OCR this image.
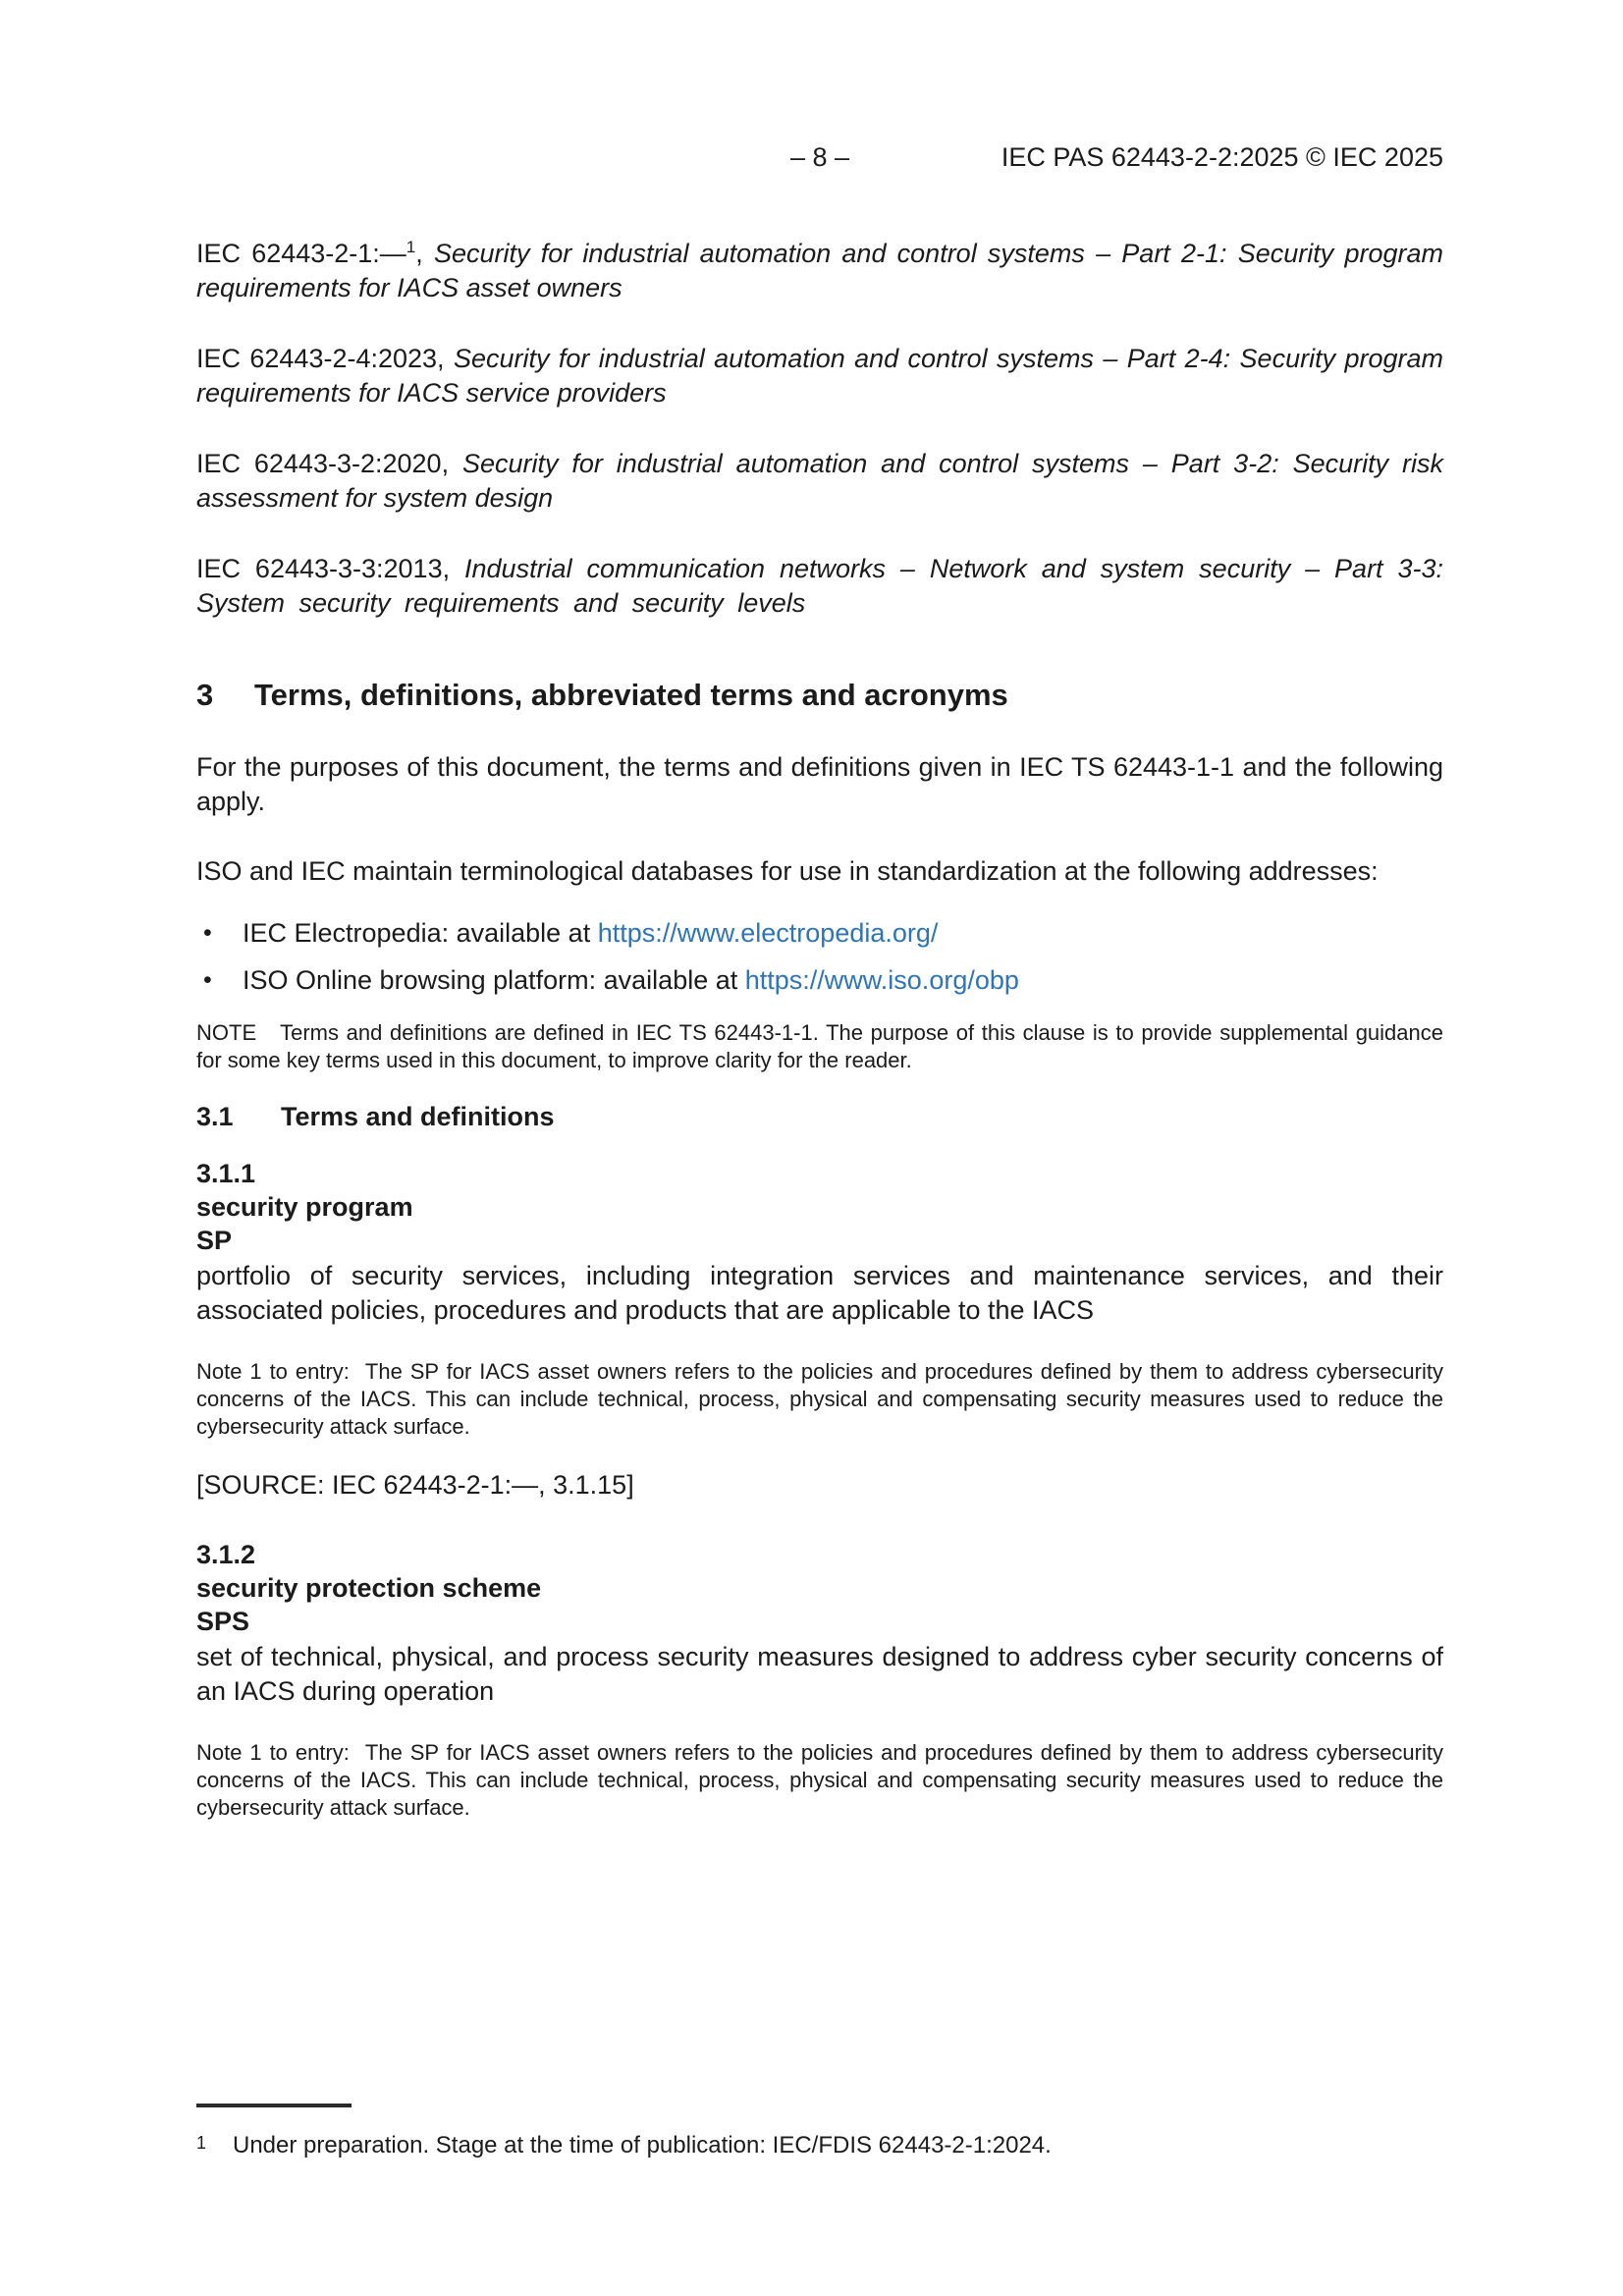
– 8 –	IEC PAS 62443-2-2:2025 © IEC 2025

IEC 62443-2-1:—$^1$, Security for industrial automation and control systems – Part 2-1: Security program requirements for IACS asset owners

IEC 62443-2-4:2023, Security for industrial automation and control systems – Part 2-4: Security program requirements for IACS service providers

IEC 62443-3-2:2020, Security for industrial automation and control systems – Part 3-2: Security risk assessment for system design

IEC 62443-3-3:2013, Industrial communication networks – Network and system security – Part 3-3: System security requirements and security levels

3 Terms, definitions, abbreviated terms and acronyms

For the purposes of this document, the terms and definitions given in IEC TS 62443-1-1 and the following apply.

ISO and IEC maintain terminological databases for use in standardization at the following addresses:

•	IEC Electropedia: available at https://www.electropedia.org/
•	ISO Online browsing platform: available at https://www.iso.org/obp

NOTE Terms and definitions are defined in IEC TS 62443-1-1. The purpose of this clause is to provide supplemental guidance for some key terms used in this document, to improve clarity for the reader.

3.1 Terms and definitions

3.1.1

security program

SP

portfolio of security services, including integration services and maintenance services, and their associated policies, procedures and products that are applicable to the IACS

Note 1 to entry: The SP for IACS asset owners refers to the policies and procedures defined by them to address cybersecurity concerns of the IACS. This can include technical, process, physical and compensating security measures used to reduce the cybersecurity attack surface.

[SOURCE: IEC 62443-2-1:—, 3.1.15]

3.1.2

security protection scheme

SPS

set of technical, physical, and process security measures designed to address cyber security concerns of an IACS during operation

Note 1 to entry: The SP for IACS asset owners refers to the policies and procedures defined by them to address cybersecurity concerns of the IACS. This can include technical, process, physical and compensating security measures used to reduce the cybersecurity attack surface.

1	Under preparation. Stage at the time of publication: IEC/FDIS 62443-2-1:2024.
